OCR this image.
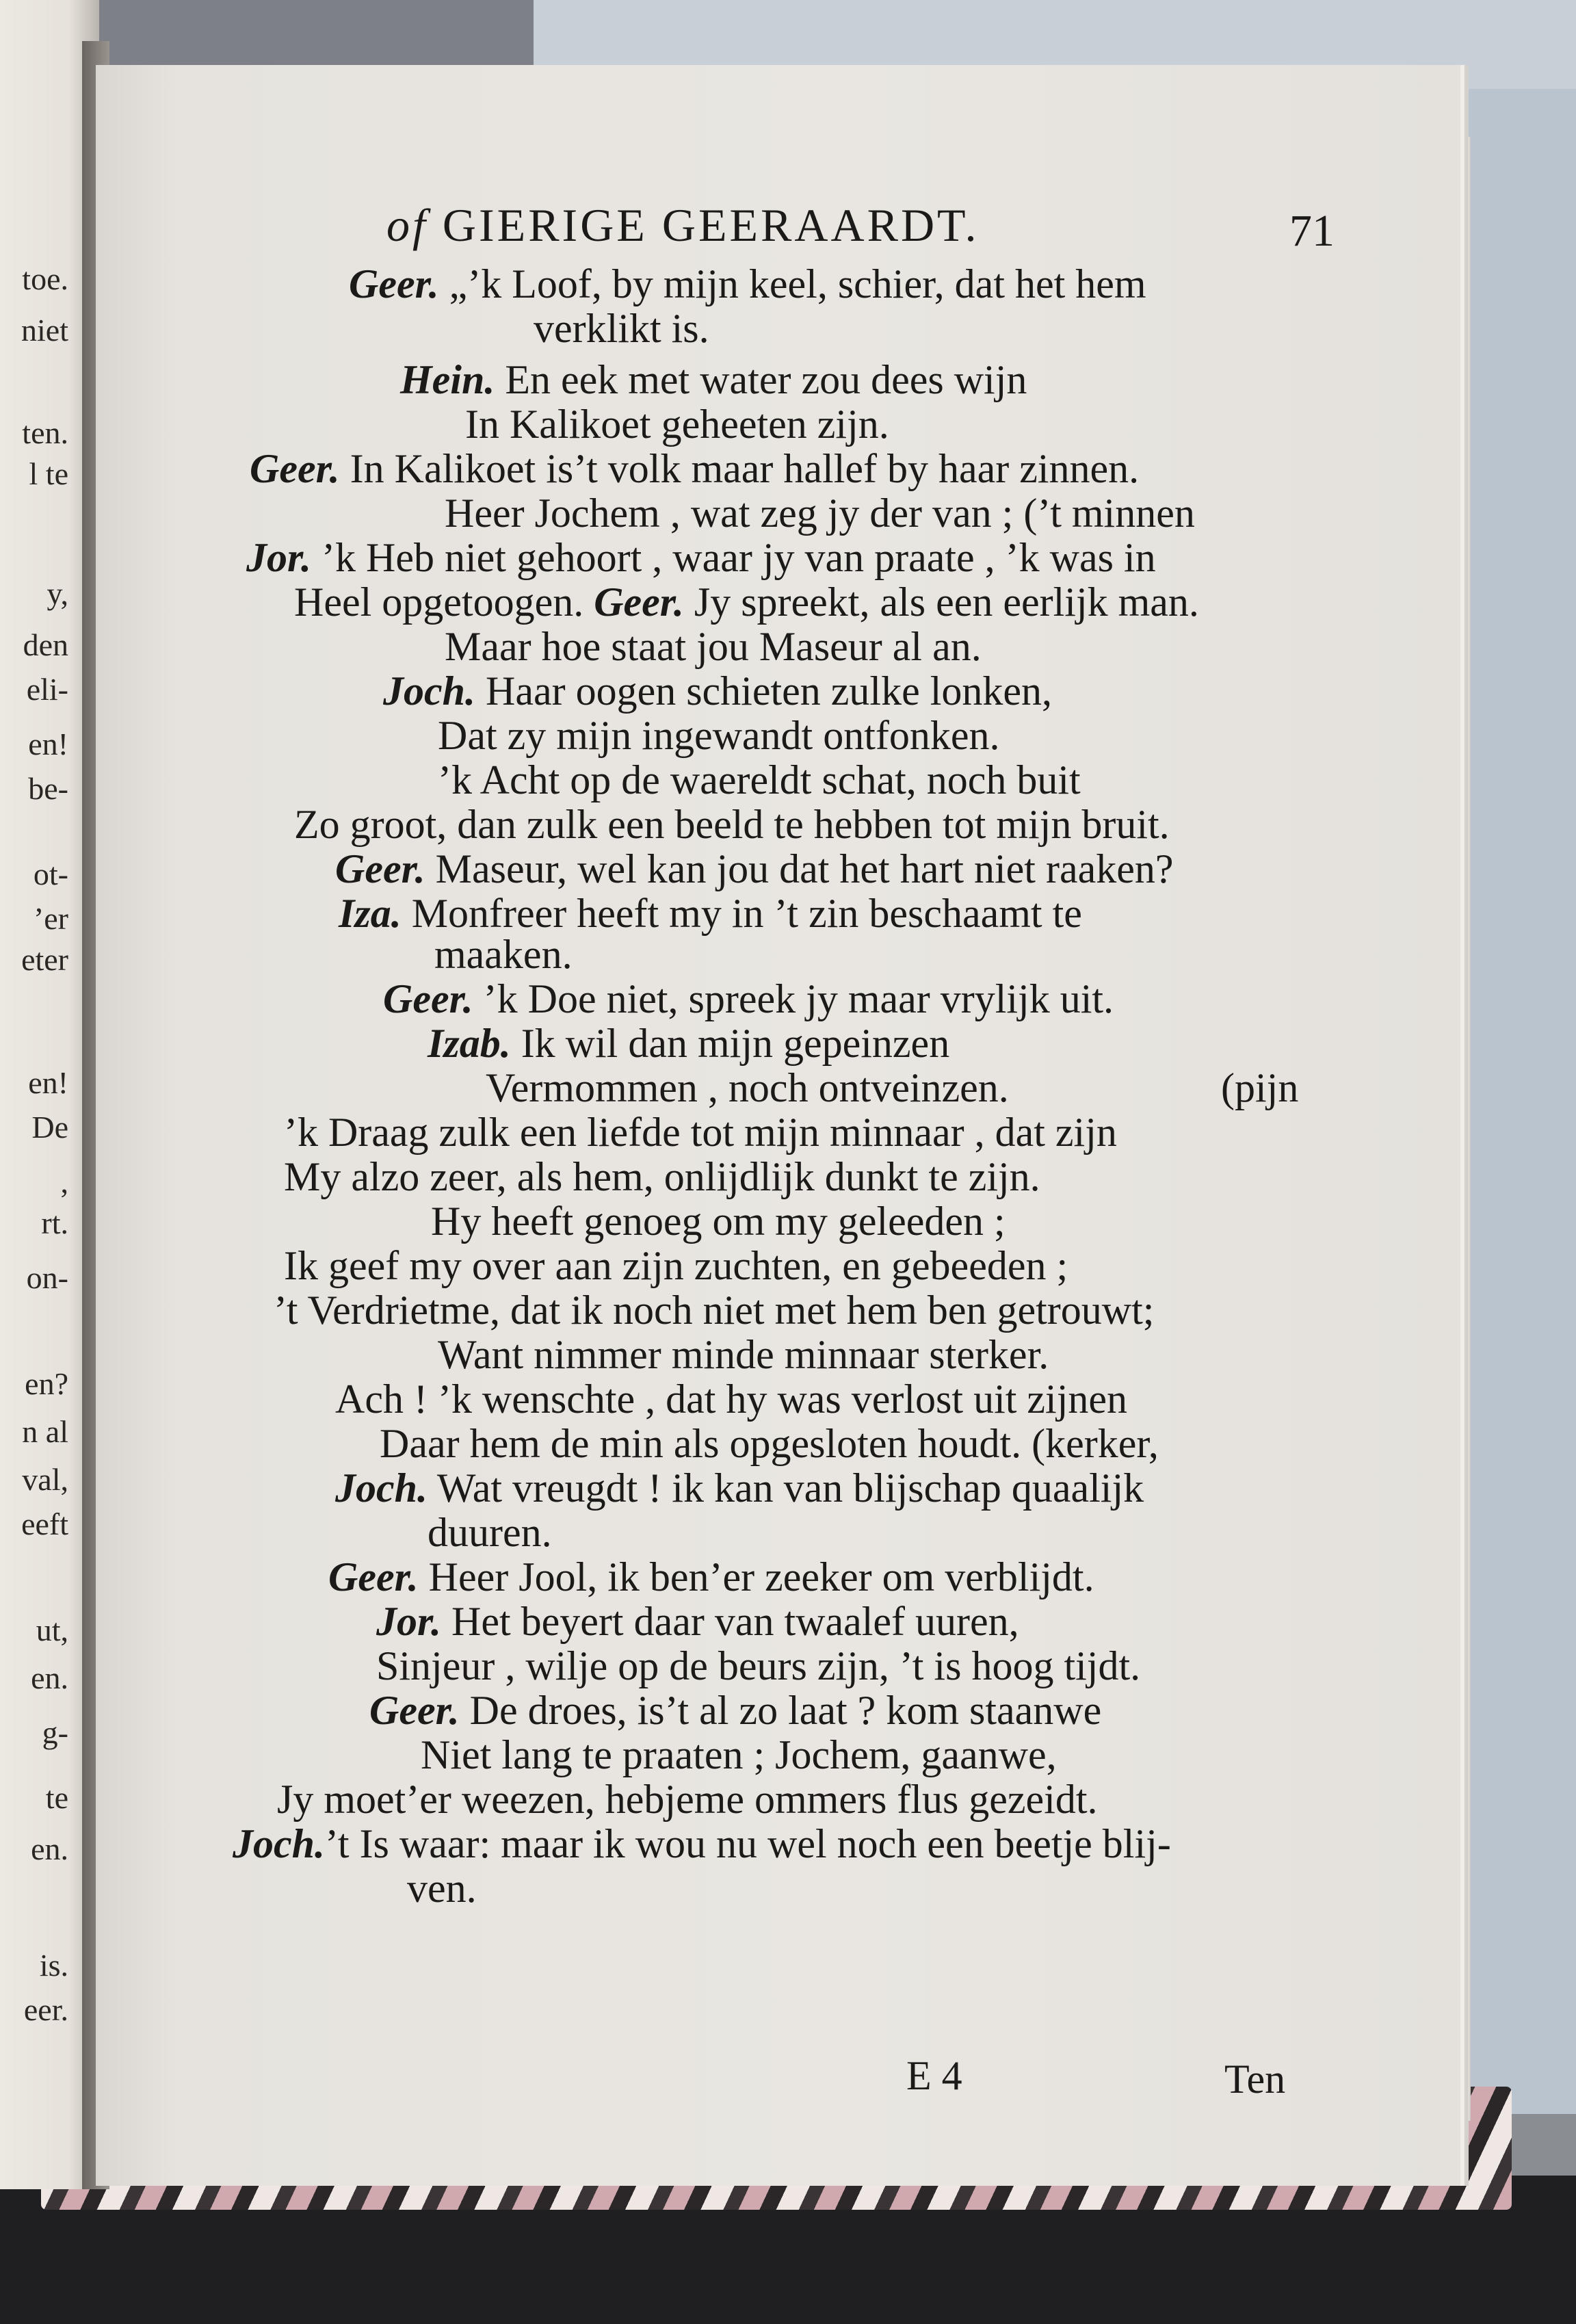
toe.
niet
ten.
l te
y,
den
eli-
en!
be-
ot-
’er
eter
en!
De
,
rt.
on-
en?
n al
val,
eeft
ut,
en.
g-
te
en.
is.
eer.
of GIERIGE GEERAARDT.	71
Geer. „’k Loof, by mijn keel, schier, dat het hem
verklikt is.
Hein. En eek met water zou dees wijn
In Kalikoet geheeten zijn.
Geer. In Kalikoet is’t volk maar hallef by haar zinnen.
Heer Jochem , wat zeg jy der van ; (’t minnen
Jor. ’k Heb niet gehoort , waar jy van praate , ’k was in
Heel opgetoogen. Geer. Jy spreekt, als een eerlijk man.
Maar hoe staat jou Maseur al an.
Joch. Haar oogen schieten zulke lonken,
Dat zy mijn ingewandt ontfonken.
’k Acht op de waereldt schat, noch buit
Zo groot, dan zulk een beeld te hebben tot mijn bruit.
Geer. Maseur, wel kan jou dat het hart niet raaken?
Iza. Monfreer heeft my in ’t zin beschaamt te
maaken.
Geer. ’k Doe niet, spreek jy maar vrylijk uit.
Izab. Ik wil dan mijn gepeinzen
Vermommen , noch ontveinzen.	(pijn
’k Draag zulk een liefde tot mijn minnaar , dat zijn
My alzo zeer, als hem, onlijdlijk dunkt te zijn.
Hy heeft genoeg om my geleeden ;
Ik geef my over aan zijn zuchten, en gebeeden ;
’t Verdrietme, dat ik noch niet met hem ben getrouwt;
Want nimmer minde minnaar sterker.
Ach ! ’k wenschte , dat hy was verlost uit zijnen
Daar hem de min als opgesloten houdt. (kerker,
Joch. Wat vreugdt ! ik kan van blijschap quaalijk
duuren.
Geer. Heer Jool, ik ben’er zeeker om verblijdt.
Jor. Het beyert daar van twaalef uuren,
Sinjeur , wilje op de beurs zijn, ’t is hoog tijdt.
Geer. De droes, is’t al zo laat ? kom staanwe
Niet lang te praaten ; Jochem, gaanwe,
Jy moet’er weezen, hebjeme ommers flus gezeidt.
Joch.’t Is waar: maar ik wou nu wel noch een beetje blij-
ven.
E 4	Ten
